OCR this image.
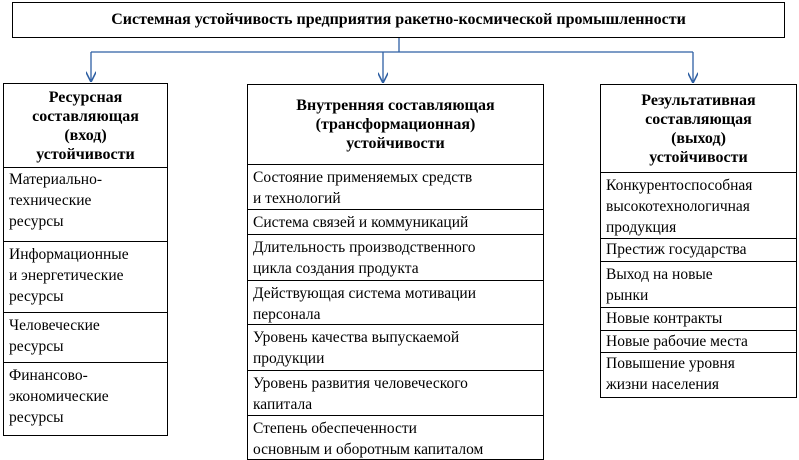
Системная устойчивость предприятия ракетно-космической промышленности
Ресурсная
составляющая
(вход)
устойчивости
Материально-
технические
ресурсы
Информационные
и энергетические
ресурсы
Человеческие
ресурсы
Финансово-
экономические
ресурсы
Внутренняя составляющая
(трансформационная)
устойчивости
Состояние применяемых средств
и технологий
Система связей и коммуникаций
Длительность производственного
цикла создания продукта
Действующая система мотивации
персонала
Уровень качества выпускаемой
продукции
Уровень развития человеческого
капитала
Степень обеспеченности
основным и оборотным капиталом
Результативная
составляющая
(выход)
устойчивости
Конкурентоспособная
высокотехнологичная
продукция
Престиж государства
Выход на новые
рынки
Новые контракты
Новые рабочие места
Повышение уровня
жизни населения
